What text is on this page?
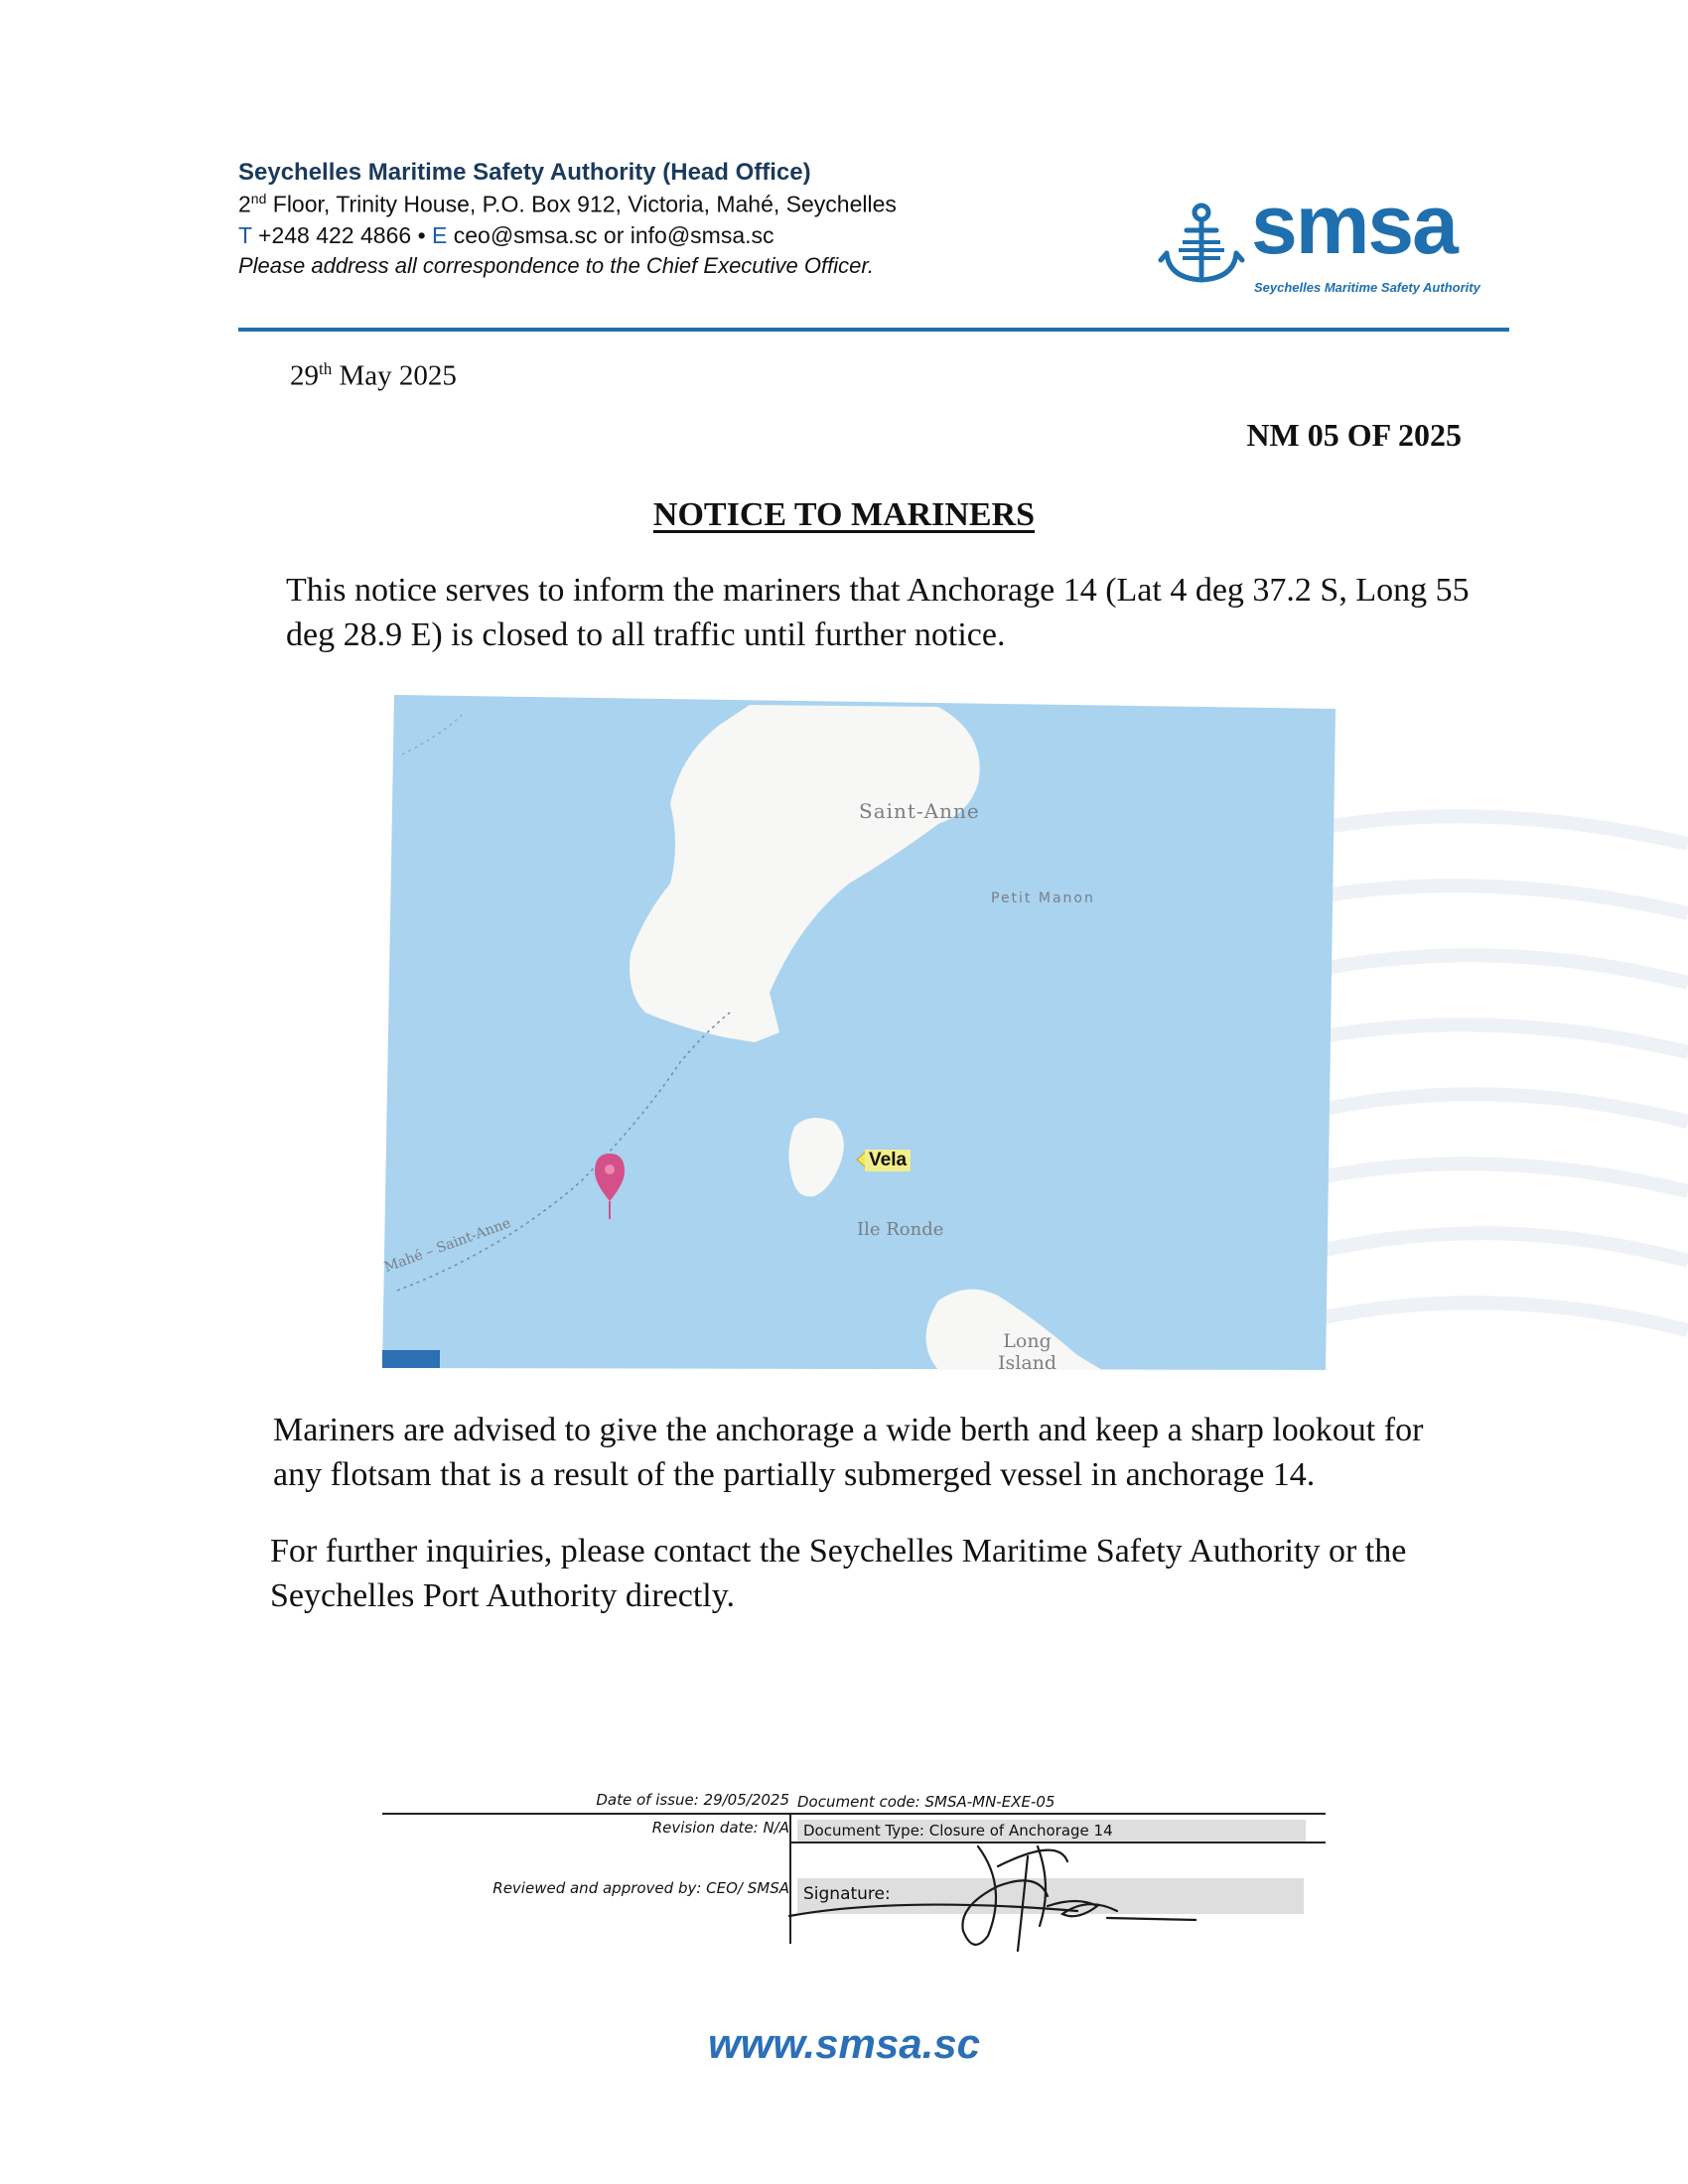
Seychelles Maritime Safety Authority (Head Office)
2nd Floor, Trinity House, P.O. Box 912, Victoria, Mahé, Seychelles
T +248 422 4866 • E ceo@smsa.sc or info@smsa.sc
Please address all correspondence to the Chief Executive Officer.	smsa
Seychelles Maritime Safety Authority
29th May 2025
NM 05 OF 2025
NOTICE TO MARINERS
This notice serves to inform the mariners that Anchorage 14 (Lat 4 deg 37.2 S, Long 55 deg 28.9 E) is closed to all traffic until further notice.
Saint-Anne
Petit Manon
Vela
Ile Ronde
Long
Island
Mahé – Saint-Anne
Mariners are advised to give the anchorage a wide berth and keep a sharp lookout for any flotsam that is a result of the partially submerged vessel in anchorage 14.
For further inquiries, please contact the Seychelles Maritime Safety Authority or the Seychelles Port Authority directly.
Date of issue: 29/05/2025 Document code: SMSA-MN-EXE-05
Revision date: N/A Document Type: Closure of Anchorage 14
Reviewed and approved by: CEO/ SMSA Signature:
www.smsa.sc
